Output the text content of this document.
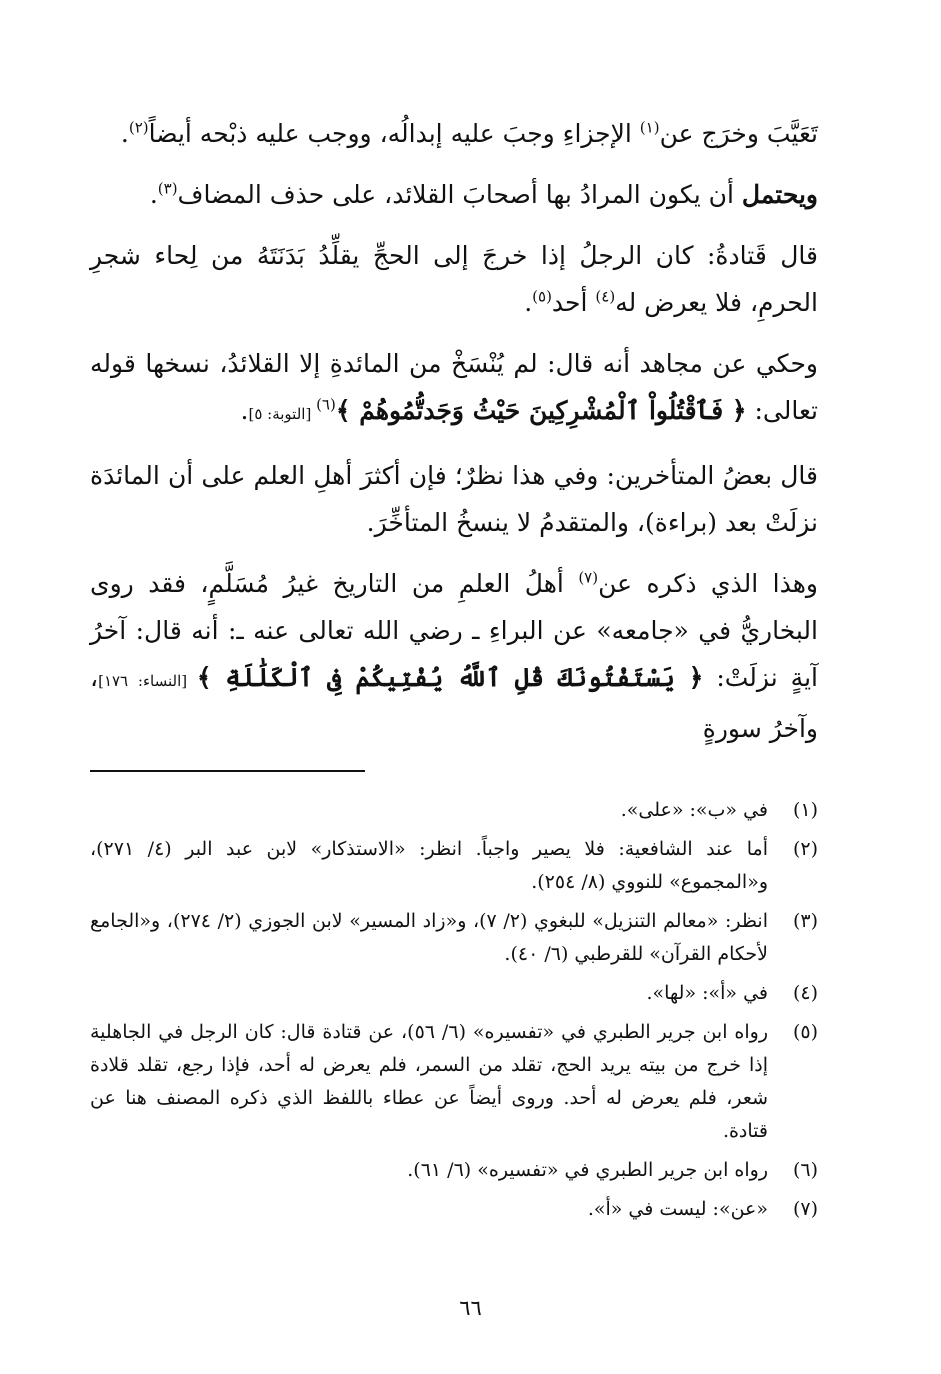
تَعَيَّبَ وخرَج عن$^{(١)}$ الإجزاءِ وجبَ عليه إبدالُه، ووجب عليه ذبْحه أيضاً$^{(٢)}$.

ويحتمل أن يكون المرادُ بها أصحابَ القلائد، على حذف المضاف$^{(٣)}$.

قال قَتادةُ: كان الرجلُ إذا خرجَ إلى الحجِّ يقلِّدُ بَدَنَتَهُ من لِحاء شجرِ الحرمِ، فلا يعرض له$^{(٤)}$ أحد$^{(٥)}$.

وحكي عن مجاهد أنه قال: لم يُنْسَخْ من المائدةِ إلا القلائدُ، نسخها قوله تعالى: ﴿ فَٱقْتُلُواْ ٱلْمُشْرِكِينَ حَيْثُ وَجَدتُّمُوهُمْ ﴾$^{(٦)}$ [التوبة: ٥].

قال بعضُ المتأخرين: وفي هذا نظرٌ؛ فإن أكثرَ أهلِ العلم على أن المائدَة نزلَتْ بعد (براءة)، والمتقدمُ لا ينسخُ المتأخِّرَ.

وهذا الذي ذكره عن$^{(٧)}$ أهلُ العلمِ من التاريخ غيرُ مُسَلَّمٍ، فقد روى البخاريُّ في «جامعه» عن البراءِ ـ رضي الله تعالى عنه ـ: أنه قال: آخرُ آيةٍ نزلَتْ: ﴿ يَسْتَفْتُونَكَ قُلِ ٱللَّهُ يُفْتِيكُمْ فِى ٱلْكَلَٰلَةِ ﴾ [النساء: ١٧٦]، وآخرُ سورةٍ

(١)
في «ب»: «على».
(٢)
أما عند الشافعية: فلا يصير واجباً. انظر: «الاستذكار» لابن عبد البر (٤/ ٢٧١)، و«المجموع» للنووي (٨/ ٢٥٤).
(٣)
انظر: «معالم التنزيل» للبغوي (٢/ ٧)، و«زاد المسير» لابن الجوزي (٢/ ٢٧٤)، و«الجامع لأحكام القرآن» للقرطبي (٦/ ٤٠).
(٤)
في «أ»: «لها».
(٥)
رواه ابن جرير الطبري في «تفسيره» (٦/ ٥٦)، عن قتادة قال: كان الرجل في الجاهلية إذا خرج من بيته يريد الحج، تقلد من السمر، فلم يعرض له أحد، فإذا رجع، تقلد قلادة شعر، فلم يعرض له أحد. وروى أيضاً عن عطاء باللفظ الذي ذكره المصنف هنا عن قتادة.
(٦)
رواه ابن جرير الطبري في «تفسيره» (٦/ ٦١).
(٧)
«عن»: ليست في «أ».
٦٦
